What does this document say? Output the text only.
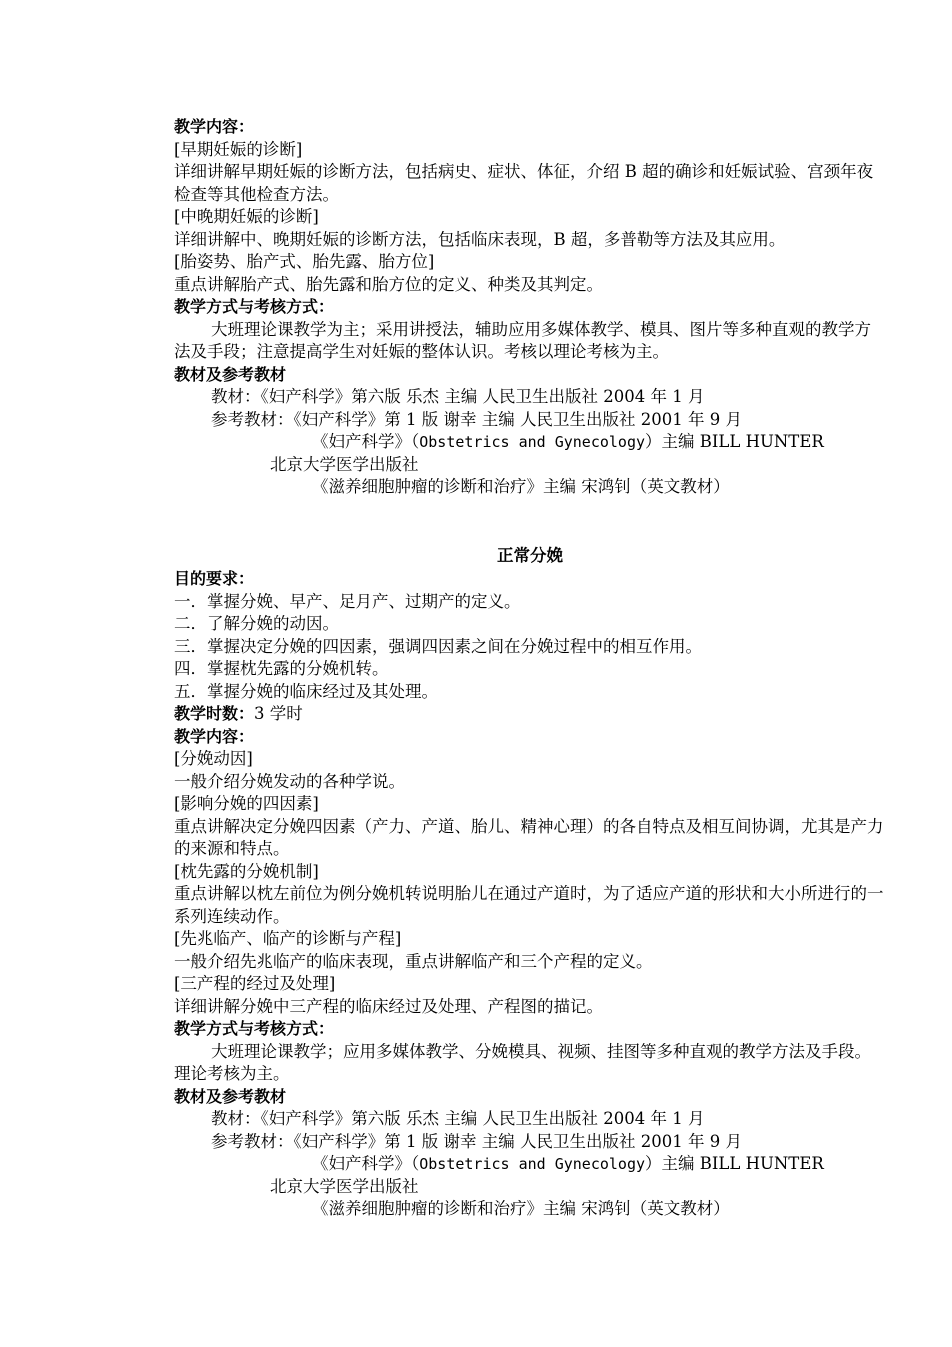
教学内容：
[早期妊娠的诊断]
详细讲解早期妊娠的诊断方法，包括病史、症状、体征，介绍 B 超的确诊和妊娠试验、宫颈年夜检查等其他检查方法。
[中晚期妊娠的诊断]
详细讲解中、晚期妊娠的诊断方法，包括临床表现，B 超，多普勒等方法及其应用。
[胎姿势、胎产式、胎先露、胎方位]
重点讲解胎产式、胎先露和胎方位的定义、种类及其判定。
教学方式与考核方式：
大班理论课教学为主；采用讲授法，辅助应用多媒体教学、模具、图片等多种直观的教学方法及手段；注意提高学生对妊娠的整体认识。考核以理论考核为主。
教材及参考教材
教材：《妇产科学》第六版 乐杰 主编 人民卫生出版社 2004 年 1 月
参考教材：《妇产科学》第 1 版 谢幸 主编 人民卫生出版社 2001 年 9 月
《妇产科学》（Obstetrics and Gynecology）主编 BILL HUNTER
北京大学医学出版社
《滋养细胞肿瘤的诊断和治疗》主编 宋鸿钊（英文教材）
正常分娩
目的要求：
一．掌握分娩、早产、足月产、过期产的定义。
二．了解分娩的动因。
三．掌握决定分娩的四因素，强调四因素之间在分娩过程中的相互作用。
四．掌握枕先露的分娩机转。
五．掌握分娩的临床经过及其处理。
教学时数：3 学时
教学内容：
[分娩动因]
一般介绍分娩发动的各种学说。
[影响分娩的四因素]
重点讲解决定分娩四因素（产力、产道、胎儿、精神心理）的各自特点及相互间协调，尤其是产力的来源和特点。
[枕先露的分娩机制]
重点讲解以枕左前位为例分娩机转说明胎儿在通过产道时，为了适应产道的形状和大小所进行的一系列连续动作。
[先兆临产、临产的诊断与产程]
一般介绍先兆临产的临床表现，重点讲解临产和三个产程的定义。
[三产程的经过及处理]
详细讲解分娩中三产程的临床经过及处理、产程图的描记。
教学方式与考核方式：
大班理论课教学；应用多媒体教学、分娩模具、视频、挂图等多种直观的教学方法及手段。理论考核为主。
教材及参考教材
教材：《妇产科学》第六版 乐杰 主编 人民卫生出版社 2004 年 1 月
参考教材：《妇产科学》第 1 版 谢幸 主编 人民卫生出版社 2001 年 9 月
《妇产科学》（Obstetrics and Gynecology）主编 BILL HUNTER
北京大学医学出版社
《滋养细胞肿瘤的诊断和治疗》主编 宋鸿钊（英文教材）
